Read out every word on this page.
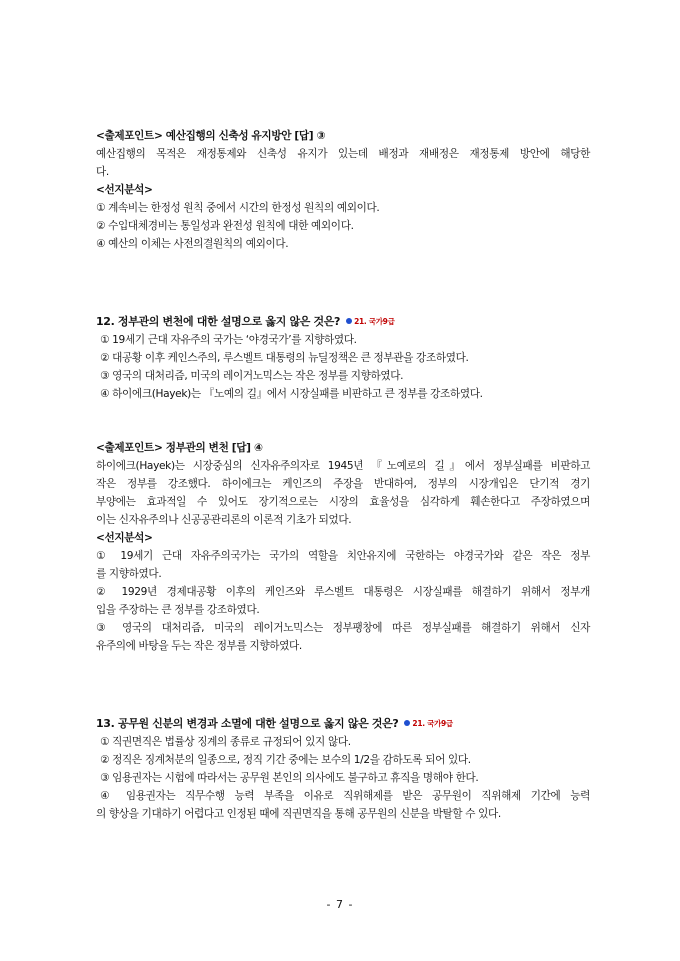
<출제포인트> 예산집행의 신축성 유지방안 [답] ③
예산집행의 목적은 재정통제와 신축성 유지가 있는데 배정과 재배정은 재정통제 방안에 해당한
다.
<선지분석>
① 계속비는 한정성 원칙 중에서 시간의 한정성 원칙의 예외이다.
② 수입대체경비는 통일성과 완전성 원칙에 대한 예외이다.
④ 예산의 이체는 사전의결원칙의 예외이다.
12. 정부관의 변천에 대한 설명으로 옳지 않은 것은? 21. 국가9급
① 19세기 근대 자유주의 국가는 ‘야경국가’를 지향하였다.
② 대공황 이후 케인스주의, 루스벨트 대통령의 뉴딜정책은 큰 정부관을 강조하였다.
③ 영국의 대처리즘, 미국의 레이거노믹스는 작은 정부를 지향하였다.
④ 하이에크(Hayek)는 『노예의 길』에서 시장실패를 비판하고 큰 정부를 강조하였다.
<출제포인트> 정부관의 변천 [답] ④
하이에크(Hayek)는 시장중심의 신자유주의자로 1945년 『노예로의 길』에서 정부실패를 비판하고
작은 정부를 강조했다. 하이에크는 케인즈의 주장을 반대하여, 정부의 시장개입은 단기적 경기
부양에는 효과적일 수 있어도 장기적으로는 시장의 효율성을 심각하게 훼손한다고 주장하였으며
이는 신자유주의나 신공공관리론의 이론적 기초가 되었다.
<선지분석>
① 19세기 근대 자유주의국가는 국가의 역할을 치안유지에 국한하는 야경국가와 같은 작은 정부
를 지향하였다.
② 1929년 경제대공황 이후의 케인즈와 루스벨트 대통령은 시장실패를 해결하기 위해서 정부개
입을 주장하는 큰 정부를 강조하였다.
③ 영국의 대처리즘, 미국의 레이거노믹스는 정부팽창에 따른 정부실패를 해결하기 위해서 신자
유주의에 바탕을 두는 작은 정부를 지향하였다.
13. 공무원 신분의 변경과 소멸에 대한 설명으로 옳지 않은 것은? 21. 국가9급
① 직권면직은 법률상 징계의 종류로 규정되어 있지 않다.
② 정직은 징계처분의 일종으로, 정직 기간 중에는 보수의 1/2을 감하도록 되어 있다.
③ 임용권자는 시험에 따라서는 공무원 본인의 의사에도 불구하고 휴직을 명해야 한다.
④ 임용권자는 직무수행 능력 부족을 이유로 직위해제를 받은 공무원이 직위해제 기간에 능력
의 향상을 기대하기 어렵다고 인정된 때에 직권면직을 통해 공무원의 신분을 박탈할 수 있다.
- 7 -
